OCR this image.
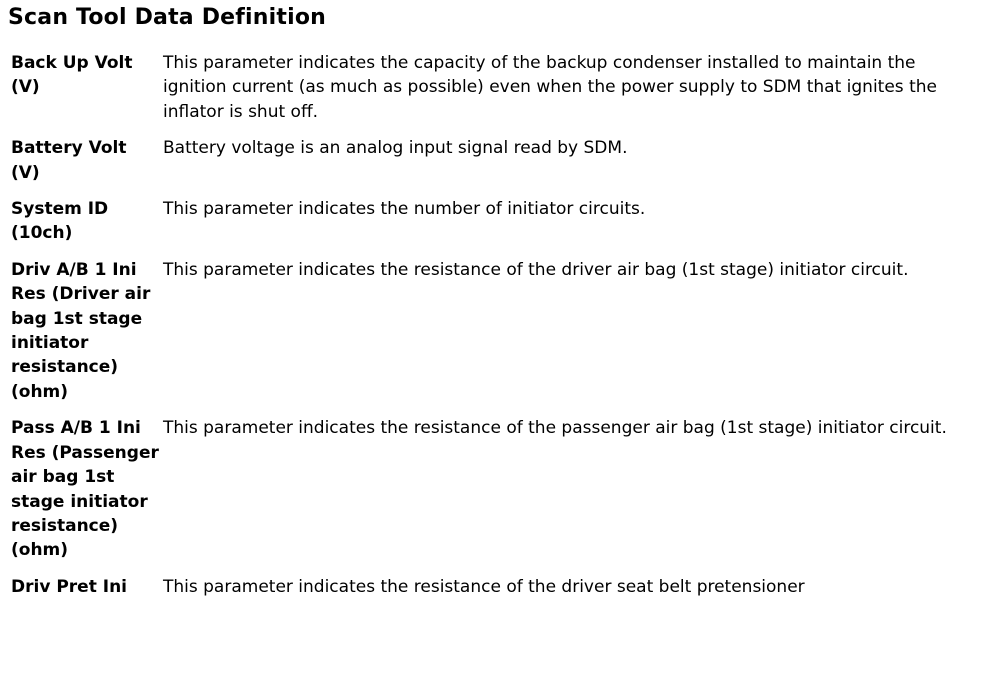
Scan Tool Data Definition
Back Up Volt (V)	This parameter indicates the capacity of the backup condenser installed to maintain the ignition current (as much as possible) even when the power supply to SDM that ignites the inflator is shut off.
Battery Volt (V)	Battery voltage is an analog input signal read by SDM.
System ID (10ch)	This parameter indicates the number of initiator circuits.
Driv A/B 1 Ini Res (Driver air bag 1st stage initiator resistance) (ohm)	This parameter indicates the resistance of the driver air bag (1st stage) initiator circuit.
Pass A/B 1 Ini Res (Passenger air bag 1st stage initiator resistance) (ohm)	This parameter indicates the resistance of the passenger air bag (1st stage) initiator circuit.
Driv Pret Ini	This parameter indicates the resistance of the driver seat belt pretensioner
